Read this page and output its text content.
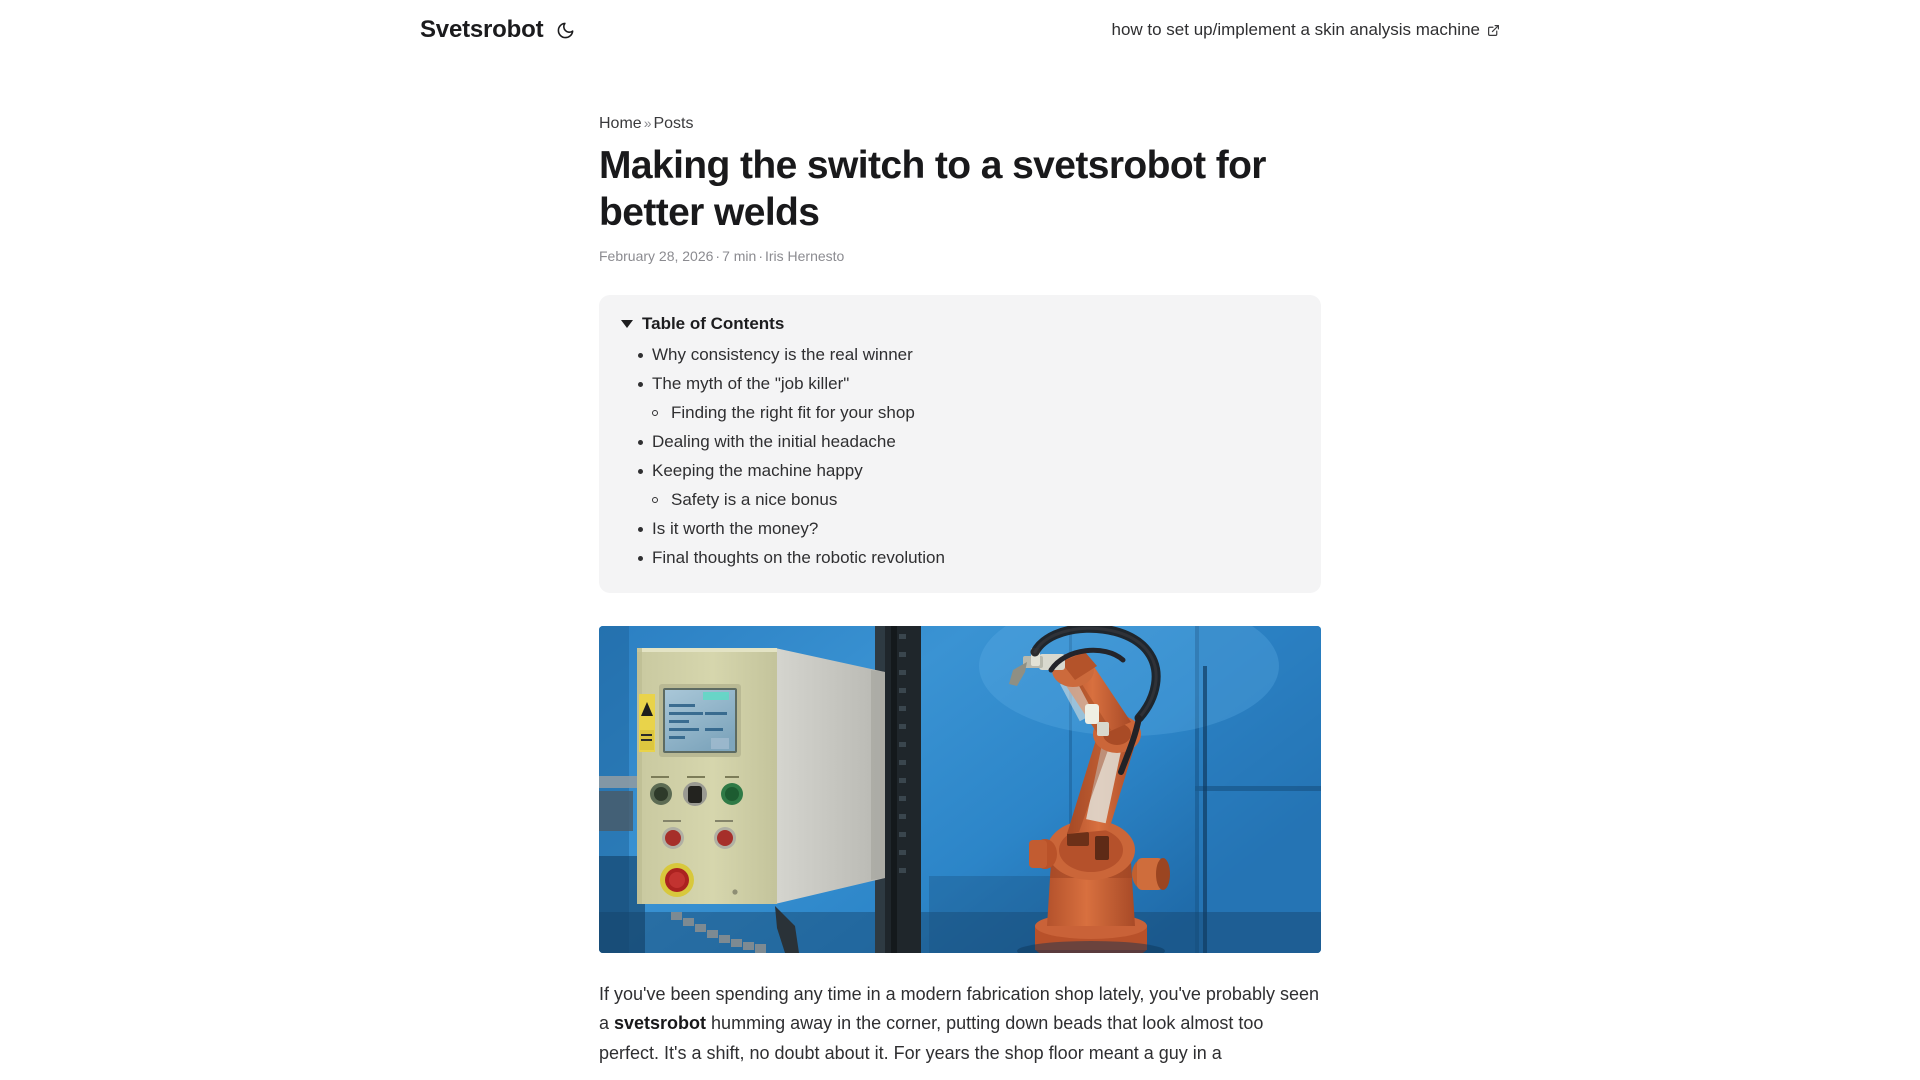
Svetsrobot	how to set up/implement a skin analysis machine
Home » Posts
Making the switch to a svetsrobot for better welds
February 28, 2026 · 7 min · Iris Hernesto
Table of Contents
Why consistency is the real winner
The myth of the "job killer"
Finding the right fit for your shop
Dealing with the initial headache
Keeping the machine happy
Safety is a nice bonus
Is it worth the money?
Final thoughts on the robotic revolution

If you've been spending any time in a modern fabrication shop lately, you've probably seen a svetsrobot humming away in the corner, putting down beads that look almost too perfect. It's a shift, no doubt about it. For years the shop floor meant a guy in a
